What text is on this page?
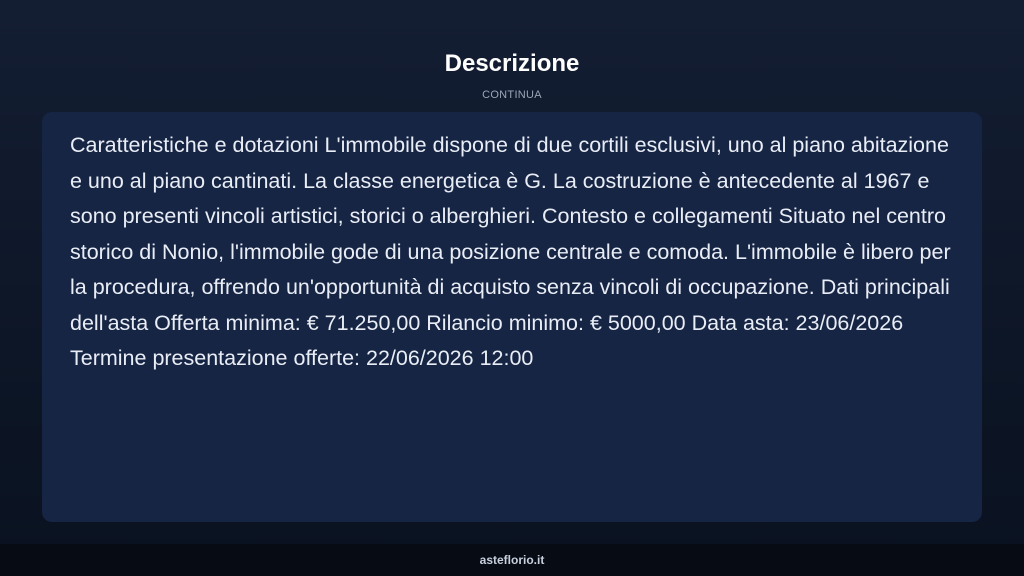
Descrizione
CONTINUA

Caratteristiche e dotazioni L'immobile dispone di due cortili esclusivi, uno al piano abitazione e uno al piano cantinati. La classe energetica è G. La costruzione è antecedente al 1967 e sono presenti vincoli artistici, storici o alberghieri. Contesto e collegamenti Situato nel centro storico di Nonio, l'immobile gode di una posizione centrale e comoda. L'immobile è libero per la procedura, offrendo un'opportunità di acquisto senza vincoli di occupazione. Dati principali dell'asta Offerta minima: € 71.250,00 Rilancio minimo: € 5000,00 Data asta: 23/06/2026 Termine presentazione offerte: 22/06/2026 12:00

asteflorio.it
